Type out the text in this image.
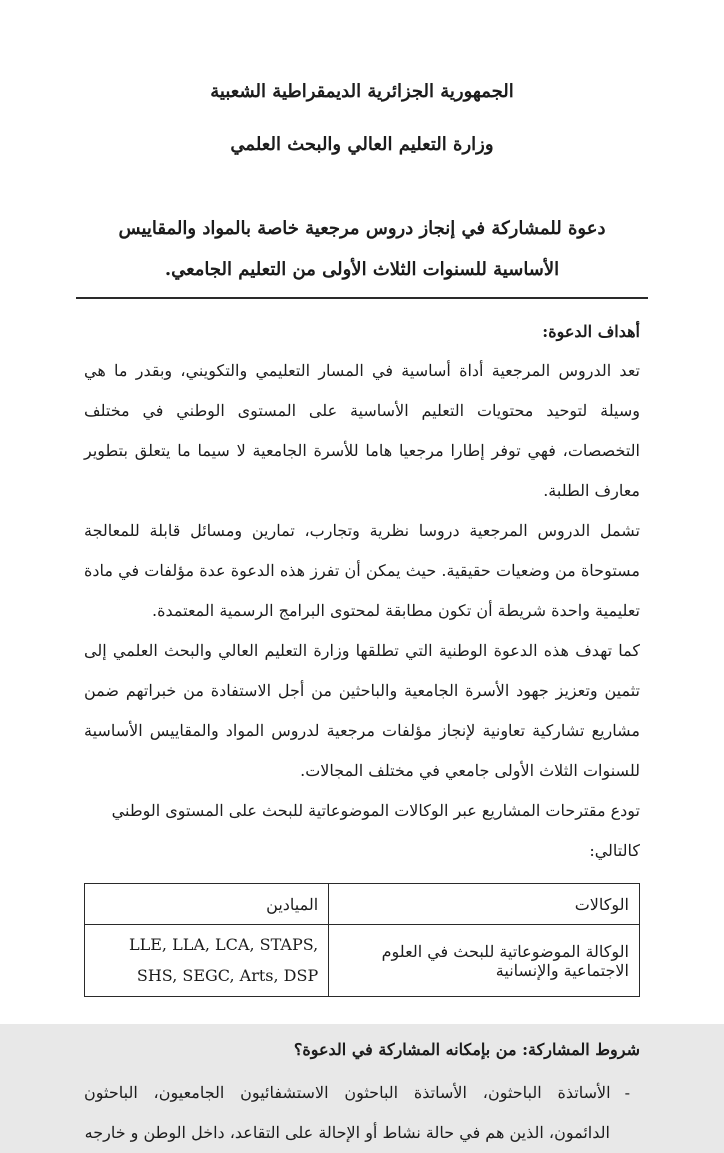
الجمهورية الجزائرية الديمقراطية الشعبية
وزارة التعليم العالي والبحث العلمي
دعوة للمشاركة في إنجاز دروس مرجعية خاصة بالمواد والمقاييس الأساسية للسنوات الثلاث الأولى من التعليم الجامعي.
أهداف الدعوة:

تعد الدروس المرجعية أداة أساسية في المسار التعليمي والتكويني، وبقدر ما هي وسيلة لتوحيد محتويات التعليم الأساسية على المستوى الوطني في مختلف التخصصات، فهي توفر إطارا مرجعيا هاما للأسرة الجامعية لا سيما ما يتعلق بتطوير معارف الطلبة.

تشمل الدروس المرجعية دروسا نظرية وتجارب، تمارين ومسائل قابلة للمعالجة مستوحاة من وضعيات حقيقية. حيث يمكن أن تفرز هذه الدعوة عدة مؤلفات في مادة تعليمية واحدة شريطة أن تكون مطابقة لمحتوى البرامج الرسمية المعتمدة.

كما تهدف هذه الدعوة الوطنية التي تطلقها وزارة التعليم العالي والبحث العلمي إلى تثمين وتعزيز جهود الأسرة الجامعية والباحثين من أجل الاستفادة من خبراتهم ضمن مشاريع تشاركية تعاونية لإنجاز مؤلفات مرجعية لدروس المواد والمقاييس الأساسية للسنوات الثلاث الأولى جامعي في مختلف المجالات.

تودع مقترحات المشاريع عبر الوكالات الموضوعاتية للبحث على المستوى الوطني كالتالي:

الوكالات	الميادين
الوكالة الموضوعاتية للبحث في العلوم الاجتماعية والإنسانية	LLE, LLA, LCA, STAPS, SHS, SEGC, Arts, DSP
شروط المشاركة: من بإمكانه المشاركة في الدعوة؟
-
الأساتذة الباحثون، الأساتذة الباحثون الاستشفائيون الجامعيون، الباحثون الدائمون، الذين هم في حالة نشاط أو الإحالة على التقاعد، داخل الوطن و خارجه
